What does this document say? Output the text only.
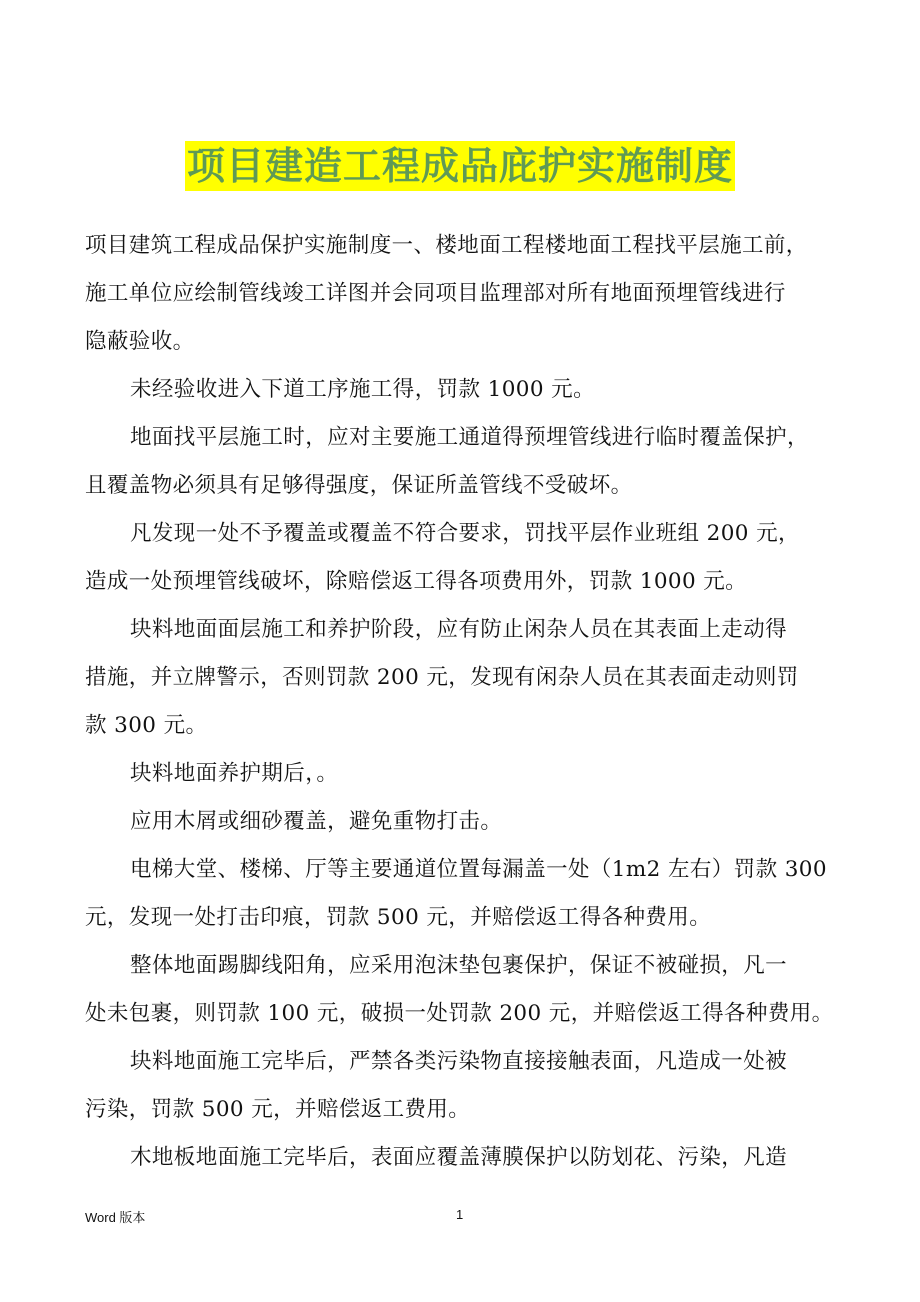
项目建造工程成品庇护实施制度
项目建筑工程成品保护实施制度一、楼地面工程楼地面工程找平层施工前，
施工单位应绘制管线竣工详图并会同项目监理部对所有地面预埋管线进行
隐蔽验收。
未经验收进入下道工序施工得，罚款 1000 元。
地面找平层施工时，应对主要施工通道得预埋管线进行临时覆盖保护，
且覆盖物必须具有足够得强度，保证所盖管线不受破坏。
凡发现一处不予覆盖或覆盖不符合要求，罚找平层作业班组 200 元，
造成一处预埋管线破坏，除赔偿返工得各项费用外，罚款 1000 元。
块料地面面层施工和养护阶段，应有防止闲杂人员在其表面上走动得
措施，并立牌警示，否则罚款 200 元，发现有闲杂人员在其表面走动则罚
款 300 元。
块料地面养护期后，。
应用木屑或细砂覆盖，避免重物打击。
电梯大堂、楼梯、厅等主要通道位置每漏盖一处（1m2 左右）罚款 300
元，发现一处打击印痕，罚款 500 元，并赔偿返工得各种费用。
整体地面踢脚线阳角，应采用泡沫垫包裹保护，保证不被碰损，凡一
处未包裹，则罚款 100 元，破损一处罚款 200 元，并赔偿返工得各种费用。
块料地面施工完毕后，严禁各类污染物直接接触表面，凡造成一处被
污染，罚款 500 元，并赔偿返工费用。
木地板地面施工完毕后，表面应覆盖薄膜保护以防划花、污染，凡造
Word 版本	1
